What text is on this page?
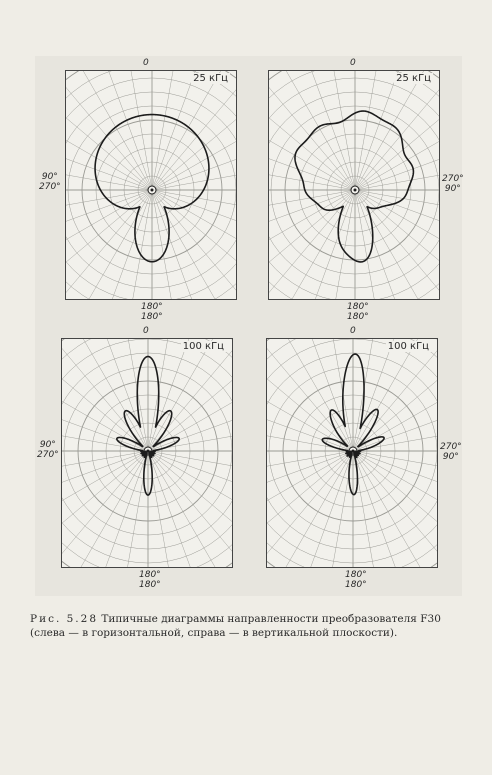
0	0
25 кГц	25 кГц
90°
270°
270°
90°
180°
180°
180°
180°
0	0
100 кГц	100 кГц
90°
270°
270°
90°
180°
180°
180°
180°
Рис. 5.28 Типичные диаграммы направленности преобразователя F30 (слева — в горизонтальной, справа — в вертикальной плоскости).
